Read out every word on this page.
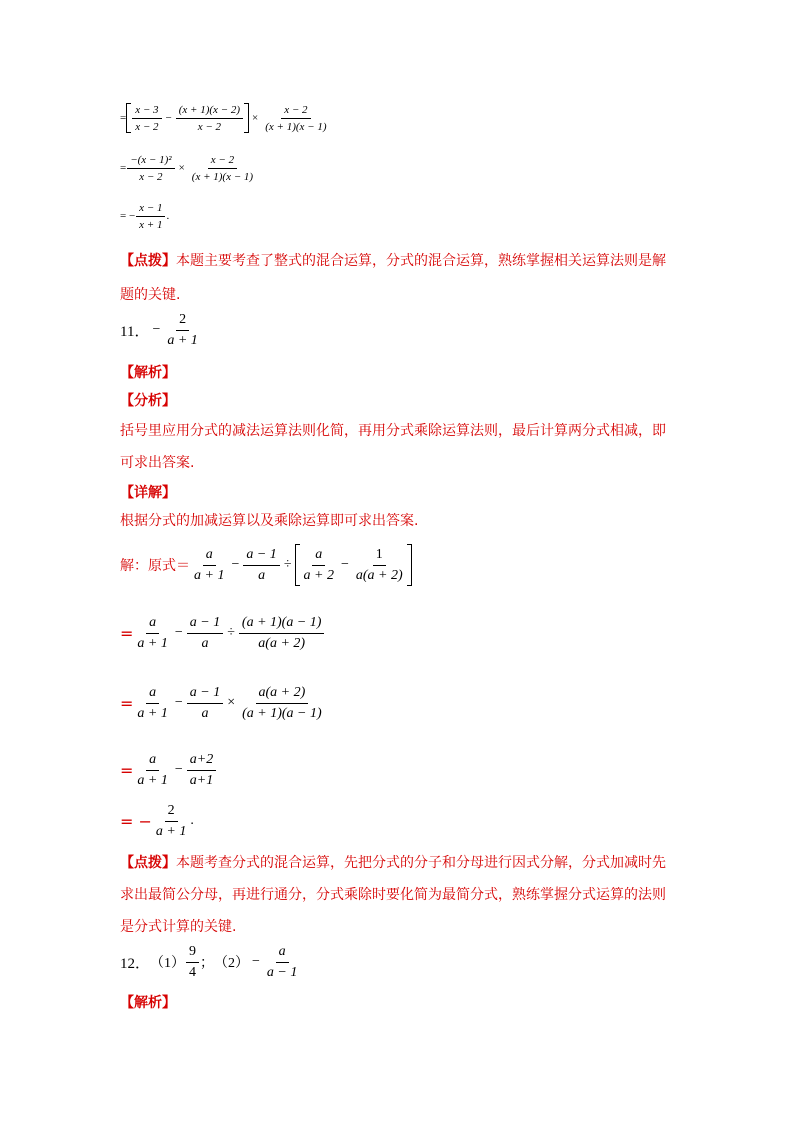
= $\frac{x - 3}{x - 2} - \frac{(x + 1)(x - 2)}{x - 2} \times \frac{x - 2}{(x + 1)(x - 1)}$
= $\frac{\text{−(x − 1)²}}{x - 2} \times \frac{x - 2}{(x + 1)(x - 1)}$
= − $\frac{x - 1}{x + 1}$ .
【点拨】本题主要考查了整式的混合运算，分式的混合运算，熟练掌握相关运算法则是解
题的关键.
11． − $\frac{2}{a + 1}$
【解析】
【分析】
括号里应用分式的减法运算法则化简，再用分式乘除运算法则，最后计算两分式相减，即
可求出答案.
【详解】
根据分式的加减运算以及乘除运算即可求出答案.
解：原式＝ $\frac{a}{a + 1} - \frac{a - 1}{a} \div \frac{a}{a + 2} - \frac{1}{a(a + 2)}$
= $\frac{a}{a + 1} - \frac{a - 1}{a} \div \frac{(a + 1)(a - 1)}{a(a + 2)}$
= $\frac{a}{a + 1} - \frac{a - 1}{a} \times \frac{a(a + 2)}{(a + 1)(a - 1)}$
= $\frac{a}{a + 1} - \frac{a+2}{a+1}$
= − $\frac{2}{a + 1}$ .
【点拨】本题考查分式的混合运算，先把分式的分子和分母进行因式分解，分式加减时先
求出最简公分母，再进行通分，分式乘除时要化简为最简分式，熟练掌握分式运算的法则
是分式计算的关键.
12． $(1) \frac{9}{4}$ ； $(2) - \frac{a}{a - 1}$
【解析】
